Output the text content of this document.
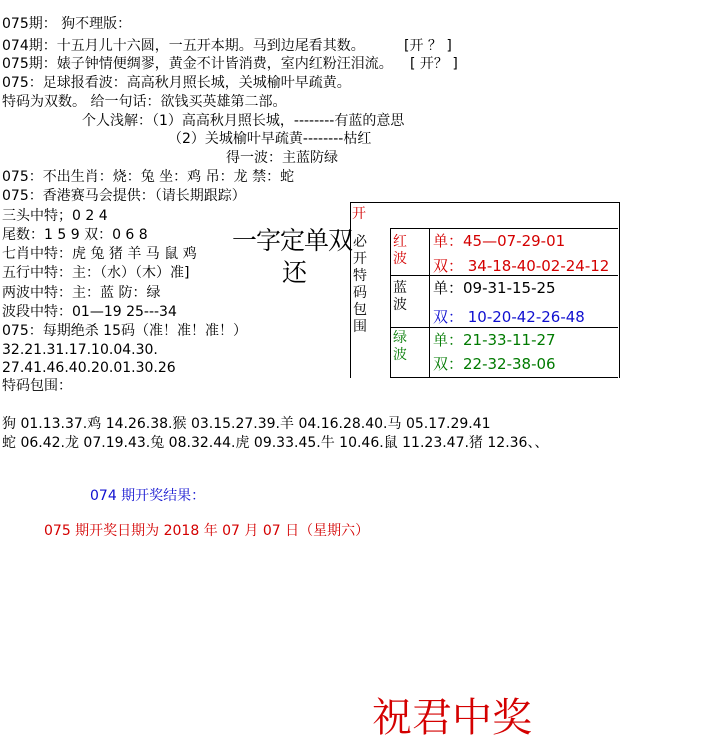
075期： 狗不理版：
074期：十五月儿十六圆，一五开本期。马到边尾看其数。	[开 ？ ]
075期：婊子钟情便绸翏，黄金不计皆消费，室内红粉汪泪流。 [ 开？ ]
075：足球报看波：高高秋月照长城，关城榆叶早疏黄。
特码为双数。 给一句话：欲钱买英雄第二部。
个人浅解：（1）高高秋月照长城，--------有蓝的意思
（2）关城榆叶早疏黄--------枯红
得一波：主蓝防绿
075：不出生肖：烧：兔 坐：鸡 吊：龙 禁：蛇
075：香港赛马会提供：（请长期跟踪）
三头中特；0 2 4
尾数：1 5 9 双：0 6 8
七肖中特：虎 兔 猪 羊 马 鼠 鸡
五行中特：主：（水）（木）准]
两波中特：主：蓝 防：绿
波段中特：01—19 25---34
075：每期绝杀 15码（准！准！准！）
32.21.31.17.10.04.30.
27.41.46.40.20.01.30.26
特码包围：
狗 01.13.37.鸡 14.26.38.猴 03.15.27.39.羊 04.16.28.40.马 05.17.29.41
蛇 06.42.龙 07.19.43.兔 08.32.44.虎 09.33.45.牛 10.46.鼠 11.23.47.猪 12.36、、
074 期开奖结果：
075 期开奖日期为 2018 年 07 月 07 日（星期六）
一字定单双
还
开
必开特码包围
红波
单：45—07-29-01
双： 34-18-40-02-24-12
蓝波
单：09-31-15-25
双： 10-20-42-26-48
绿波
单：21-33-11-27
双：22-32-38-06
祝君中奖
